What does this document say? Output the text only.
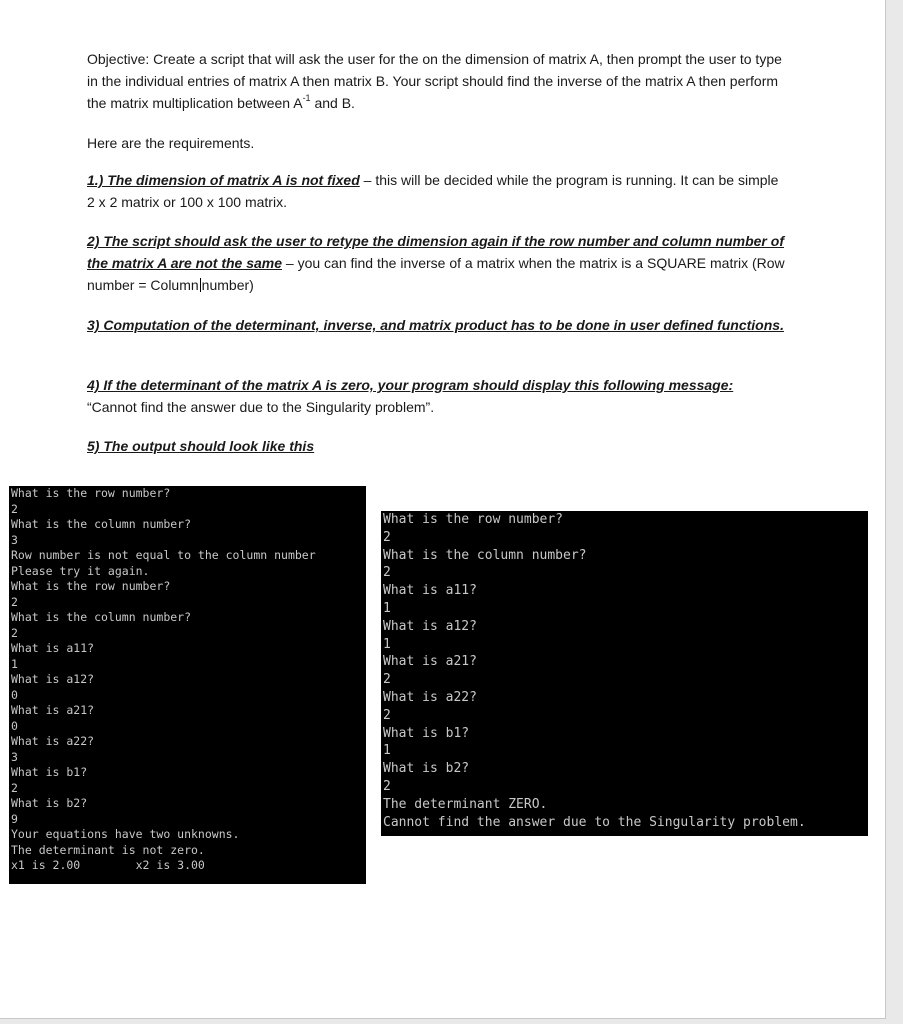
Objective: Create a script that will ask the user for the on the dimension of matrix A, then prompt the user to type in the individual entries of matrix A then matrix B. Your script should find the inverse of the matrix A then perform the matrix multiplication between $A^{-1}$ and B.
Here are the requirements.
1.) The dimension of matrix A is not fixed – this will be decided while the program is running. It can be simple 2 x 2 matrix or 100 x 100 matrix.
2) The script should ask the user to retype the dimension again if the row number and column number of the matrix A are not the same – you can find the inverse of a matrix when the matrix is a SQUARE matrix (Row number = Column number)
3) Computation of the determinant, inverse, and matrix product has to be done in user defined functions.
4) If the determinant of the matrix A is zero, your program should display this following message:
“Cannot find the answer due to the Singularity problem”.
5) The output should look like this
What is the row number?
2
What is the column number?
3
Row number is not equal to the column number
Please try it again.
What is the row number?
2
What is the column number?
2
What is a11?
1
What is a12?
0
What is a21?
0
What is a22?
3
What is b1?
2
What is b2?
9
Your equations have two unknowns.
The determinant is not zero.
x1 is 2.00        x2 is 3.00
What is the row number?
2
What is the column number?
2
What is a11?
1
What is a12?
1
What is a21?
2
What is a22?
2
What is b1?
1
What is b2?
2
The determinant ZERO.
Cannot find the answer due to the Singularity problem.
